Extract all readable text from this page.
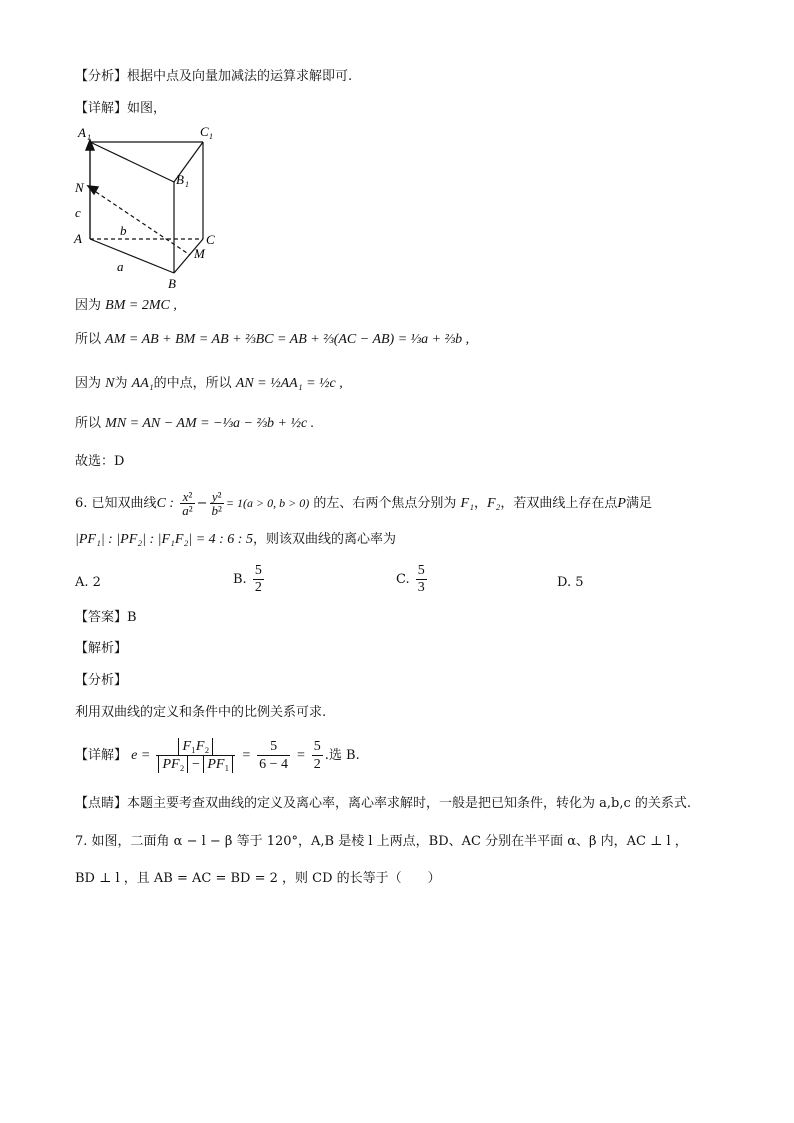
【分析】根据中点及向量加减法的运算求解即可.
【详解】如图，
A 1	C 1
B 1
N
c
A
b
C
M
a
B
因为 BM = 2MC ,
所以 AM = AB + BM = AB + ⅔BC = AB + ⅔(AC − AB) = ⅓a + ⅔b ,
因为 N为 AA₁的中点，所以 AN = ½AA₁ = ½c ,
所以 MN = AN − AM = −⅓a − ⅔b + ½c .
故选：D
6. 已知双曲线C : $\frac{\text{x²}}{\text{a²}} - \frac{\text{y²}}{\text{b²}} = 1(a > 0$, b > 0) 的左、右两个焦点分别为 F₁，F₂，若双曲线上存在点P满足
|PF₁| : |PF₂| : |F₁F₂| = 4 : 6 : 5，则该双曲线的离心率为
A. 2	B. $\frac{5}{2}$	C. $\frac{5}{3}$	D. 5
【答案】B
【解析】
【分析】
利用双曲线的定义和条件中的比例关系可求.
【详解】 $e = \frac{\text{F₁F₂}}{\text{PF₂ − PF₁}} = \frac{5}{6 - 4} = \frac{5}{2}$ .选 B.
【点睛】本题主要考查双曲线的定义及离心率，离心率求解时，一般是把已知条件，转化为 a,b,c 的关系式.
7. 如图，二面角 α − l − β 等于 120°，A,B 是棱 l 上两点，BD、AC 分别在半平面 α、β 内，AC ⊥ l ，
BD ⊥ l ，且 AB = AC = BD = 2 ，则 CD 的长等于（　　）
